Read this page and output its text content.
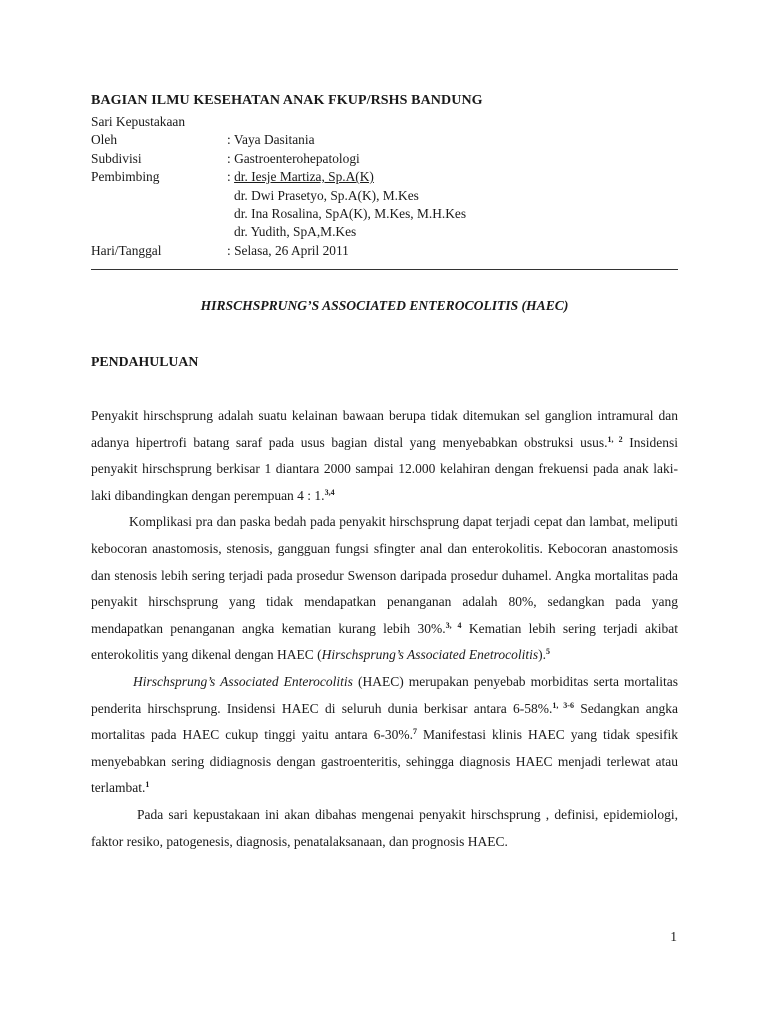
BAGIAN ILMU KESEHATAN ANAK FKUP/RSHS BANDUNG
Sari Kepustakaan
Oleh	: Vaya Dasitania
Subdivisi	: Gastroenterohepatologi
Pembimbing	: dr. Iesje Martiza, Sp.A(K)
dr. Dwi Prasetyo, Sp.A(K), M.Kes
dr. Ina Rosalina, SpA(K), M.Kes, M.H.Kes
dr. Yudith, SpA,M.Kes
Hari/Tanggal	: Selasa, 26 April 2011
HIRSCHSPRUNG’S ASSOCIATED ENTEROCOLITIS (HAEC)
PENDAHULUAN

Penyakit hirschsprung adalah suatu kelainan bawaan berupa tidak ditemukan sel ganglion intramural dan adanya hipertrofi batang saraf pada usus bagian distal yang menyebabkan obstruksi usus.$^{1, 2}$ Insidensi penyakit hirschsprung berkisar 1 diantara 2000 sampai 12.000 kelahiran dengan frekuensi pada anak laki-laki dibandingkan dengan perempuan 4 : 1.$^{3,4}$

Komplikasi pra dan paska bedah pada penyakit hirschsprung dapat terjadi cepat dan lambat, meliputi kebocoran anastomosis, stenosis, gangguan fungsi sfingter anal dan enterokolitis. Kebocoran anastomosis dan stenosis lebih sering terjadi pada prosedur Swenson daripada prosedur duhamel. Angka mortalitas pada penyakit hirschsprung yang tidak mendapatkan penanganan adalah 80%, sedangkan pada yang mendapatkan penanganan angka kematian kurang lebih 30%.$^{3, 4}$ Kematian lebih sering terjadi akibat enterokolitis yang dikenal dengan HAEC (Hirschsprung’s Associated Enetrocolitis).$^5$

Hirschsprung’s Associated Enterocolitis (HAEC) merupakan penyebab morbiditas serta mortalitas penderita hirschsprung. Insidensi HAEC di seluruh dunia berkisar antara 6-58%.$^{1, 3-6}$ Sedangkan angka mortalitas pada HAEC cukup tinggi yaitu antara 6-30%.$^7$ Manifestasi klinis HAEC yang tidak spesifik menyebabkan sering didiagnosis dengan gastroenteritis, sehingga diagnosis HAEC menjadi terlewat atau terlambat.$^1$

Pada sari kepustakaan ini akan dibahas mengenai penyakit hirschsprung , definisi, epidemiologi, faktor resiko, patogenesis, diagnosis, penatalaksanaan, dan prognosis HAEC.

1
